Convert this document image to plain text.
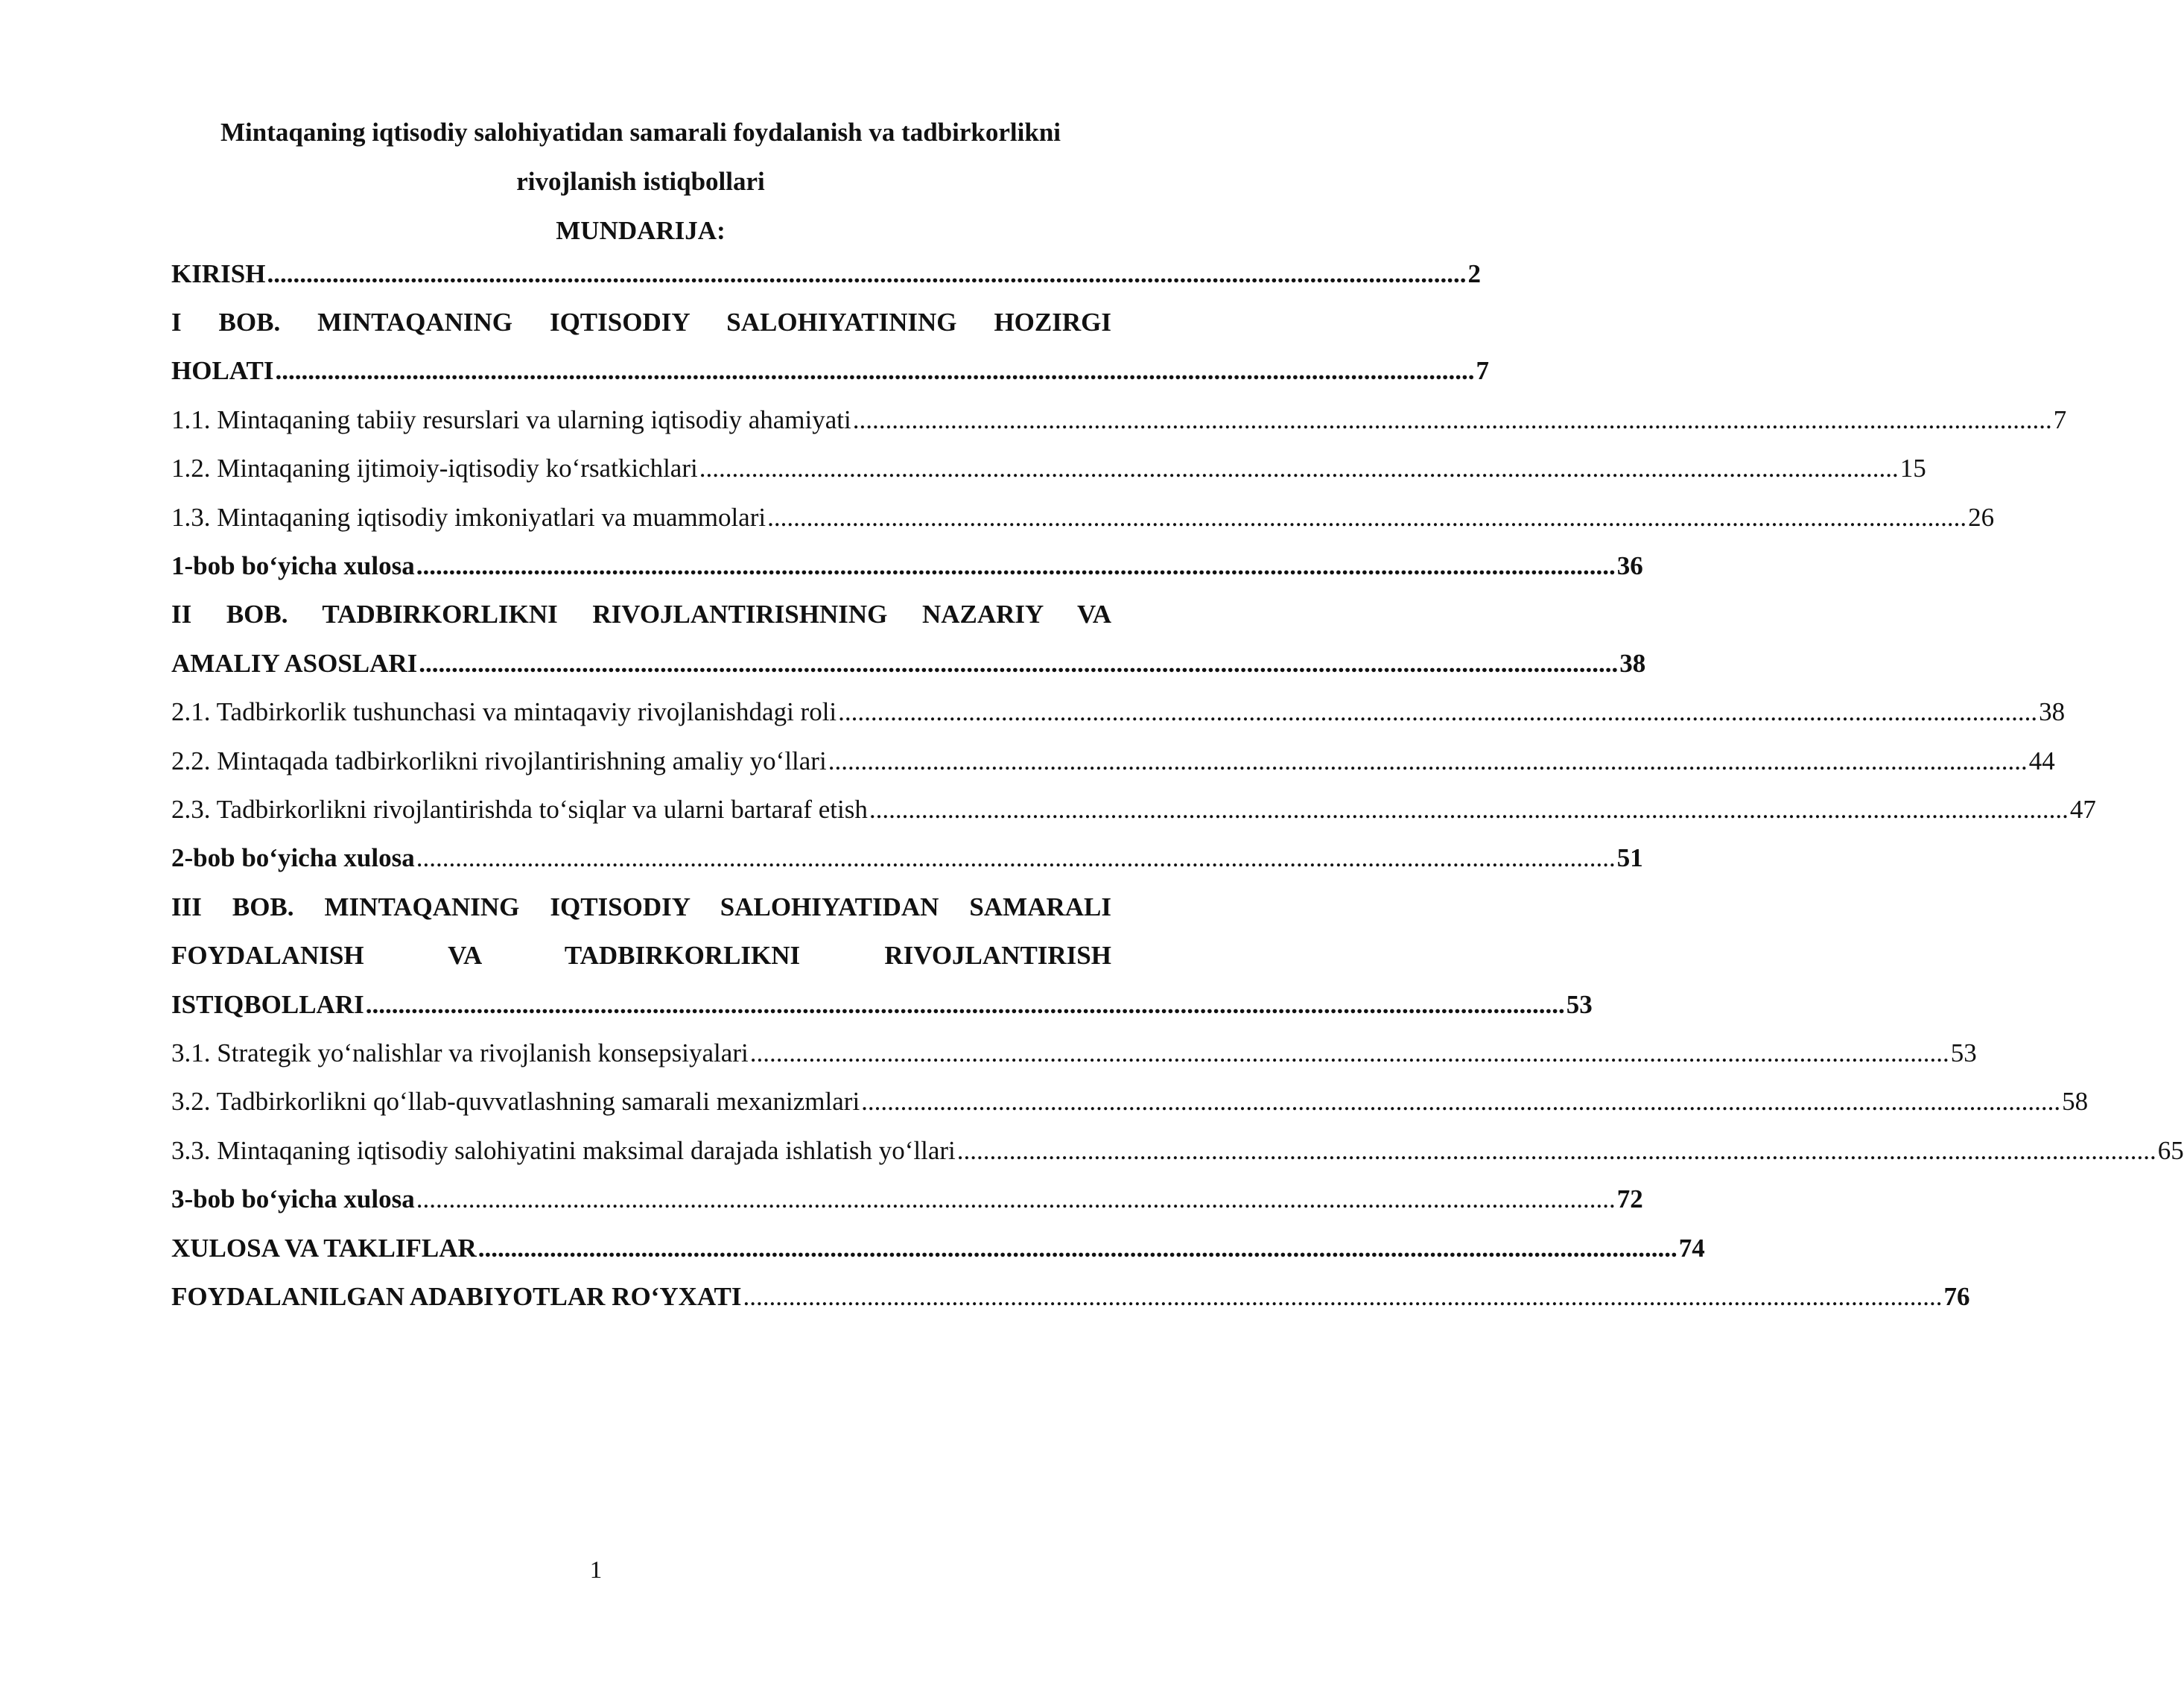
Mintaqaning iqtisodiy salohiyatidan samarali foydalanish va tadbirkorlikni
rivojlanish istiqbollari
MUNDARIJA:
KIRISH ........................................................................................................................................................................................ 2
I BOB. MINTAQANING IQTISODIY SALOHIYATINING HOZIRGI
HOLATI ........................................................................................................................................................................................ 7
1.1. Mintaqaning tabiiy resurslari va ularning iqtisodiy ahamiyati ........................................................................................................................................................................................ 7
1.2. Mintaqaning ijtimoiy-iqtisodiy ko‘rsatkichlari ........................................................................................................................................................................................ 15
1.3. Mintaqaning iqtisodiy imkoniyatlari va muammolari ........................................................................................................................................................................................ 26
1-bob bo‘yicha xulosa ........................................................................................................................................................................................ 36
II BOB. TADBIRKORLIKNI RIVOJLANTIRISHNING NAZARIY VA
AMALIY ASOSLARI ........................................................................................................................................................................................ 38
2.1. Tadbirkorlik tushunchasi va mintaqaviy rivojlanishdagi roli ........................................................................................................................................................................................ 38
2.2. Mintaqada tadbirkorlikni rivojlantirishning amaliy yo‘llari ........................................................................................................................................................................................ 44
2.3. Tadbirkorlikni rivojlantirishda to‘siqlar va ularni bartaraf etish ........................................................................................................................................................................................ 47
2-bob bo‘yicha xulosa ........................................................................................................................................................................................ 51
III BOB. MINTAQANING IQTISODIY SALOHIYATIDAN SAMARALI
FOYDALANISH VA TADBIRKORLIKNI RIVOJLANTIRISH
ISTIQBOLLARI ........................................................................................................................................................................................ 53
3.1. Strategik yo‘nalishlar va rivojlanish konsepsiyalari ........................................................................................................................................................................................ 53
3.2. Tadbirkorlikni qo‘llab-quvvatlashning samarali mexanizmlari ........................................................................................................................................................................................ 58
3.3. Mintaqaning iqtisodiy salohiyatini maksimal darajada ishlatish yo‘llari ........................................................................................................................................................................................ 65
3-bob bo‘yicha xulosa ........................................................................................................................................................................................ 72
XULOSA VA TAKLIFLAR ........................................................................................................................................................................................ 74
FOYDALANILGAN ADABIYOTLAR RO‘YXATI ........................................................................................................................................................................................ 76
1
